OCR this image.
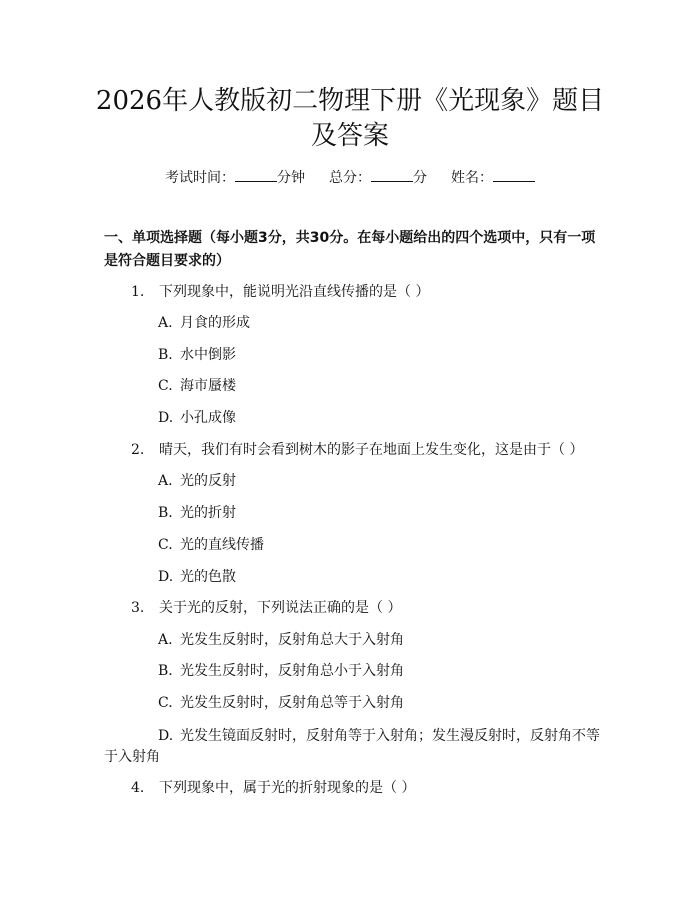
2026年人教版初二物理下册《光现象》题目
及答案
考试时间：	分钟 总分：	分 姓名：
一、单项选择题（每小题3分，共30分。在每小题给出的四个选项中，只有一项
是符合题目要求的）
1. 下列现象中，能说明光沿直线传播的是（ ）
A. 月食的形成
B. 水中倒影
C. 海市蜃楼
D. 小孔成像
2. 晴天，我们有时会看到树木的影子在地面上发生变化，这是由于（ ）
A. 光的反射
B. 光的折射
C. 光的直线传播
D. 光的色散
3. 关于光的反射，下列说法正确的是（ ）
A. 光发生反射时，反射角总大于入射角
B. 光发生反射时，反射角总小于入射角
C. 光发生反射时，反射角总等于入射角
D. 光发生镜面反射时，反射角等于入射角；发生漫反射时，反射角不等
于入射角
4. 下列现象中，属于光的折射现象的是（ ）
